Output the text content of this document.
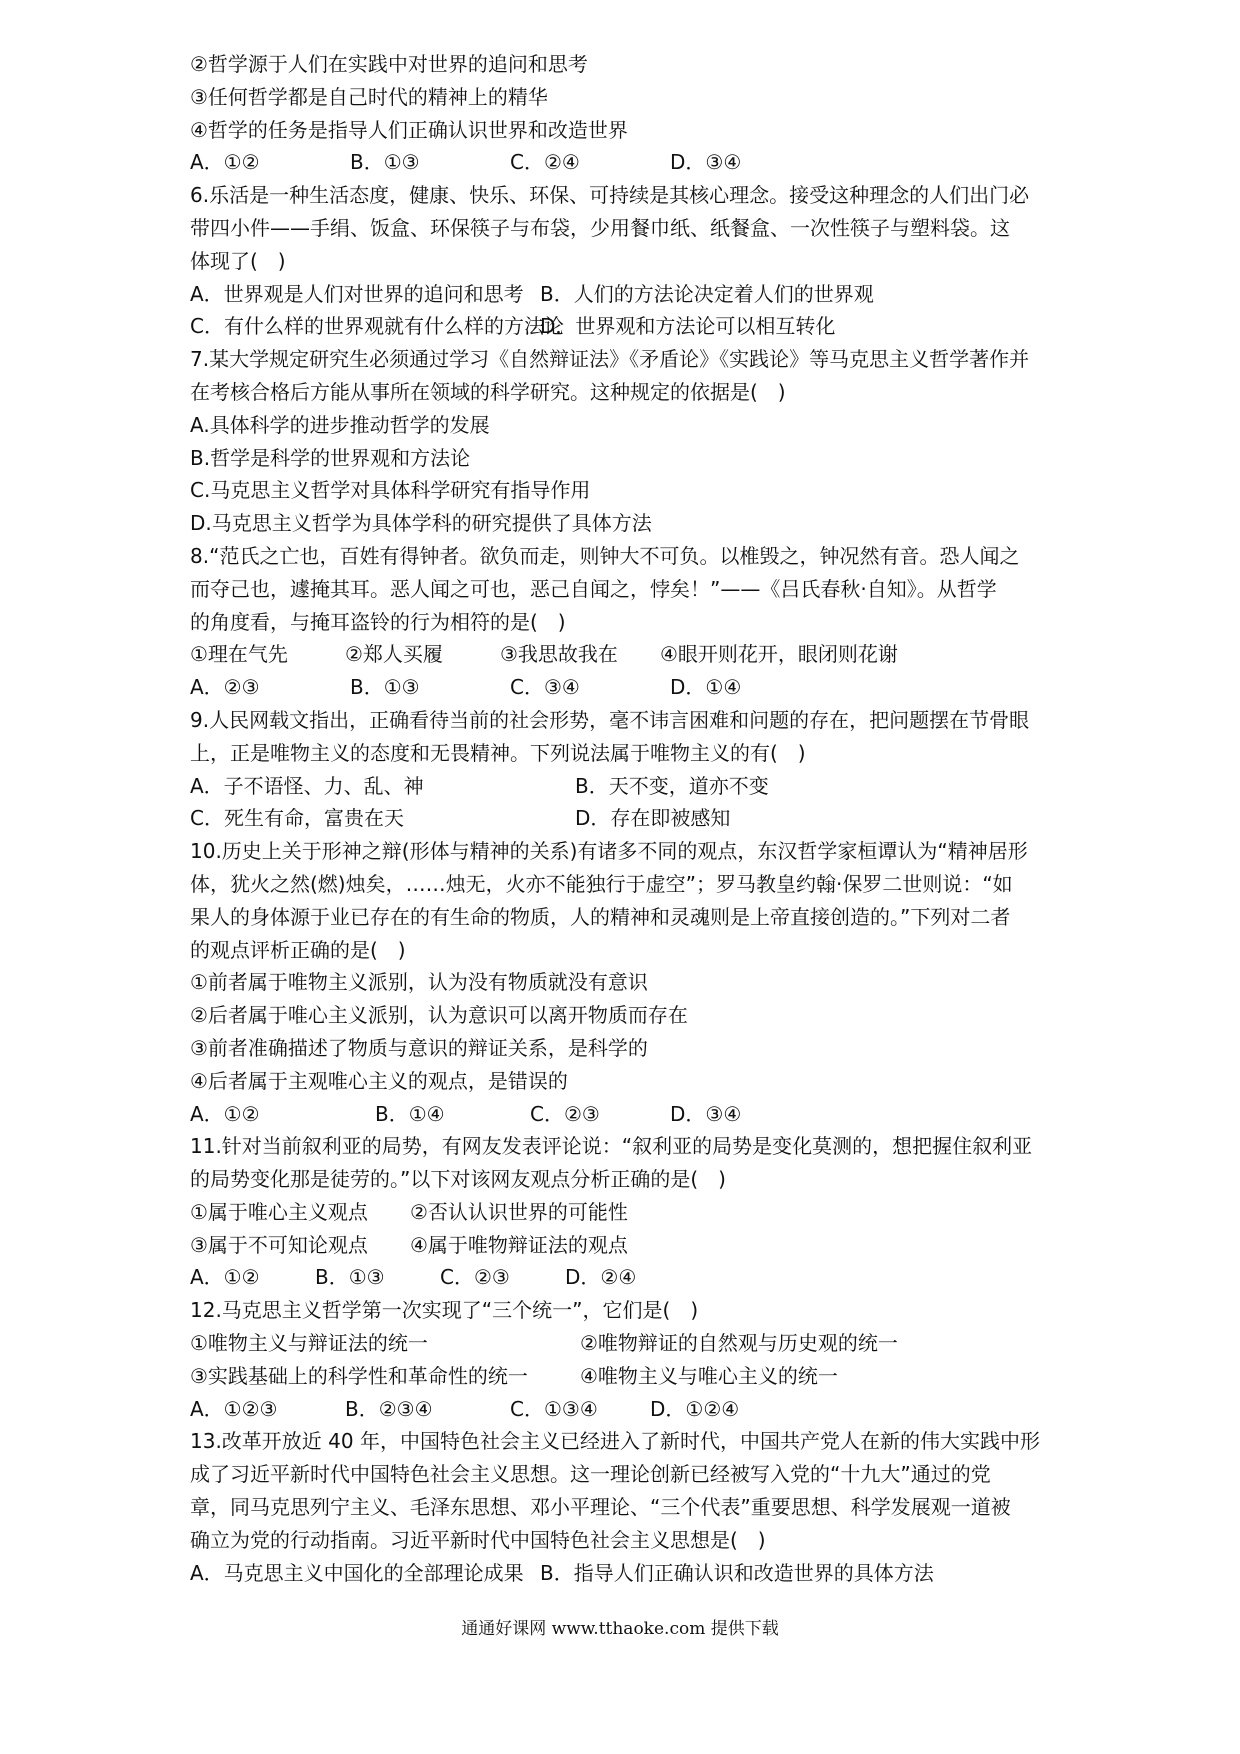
②哲学源于人们在实践中对世界的追问和思考
③任何哲学都是自己时代的精神上的精华
④哲学的任务是指导人们正确认识世界和改造世界
A．①②	B．①③	C．②④	D．③④
6.乐活是一种生活态度，健康、快乐、环保、可持续是其核心理念。接受这种理念的人们出门必
带四小件——手绢、饭盒、环保筷子与布袋，少用餐巾纸、纸餐盒、一次性筷子与塑料袋。这
体现了(　)
A．世界观是人们对世界的追问和思考 B．人们的方法论决定着人们的世界观
C．有什么样的世界观就有什么样的方法论
D．世界观和方法论可以相互转化
7.某大学规定研究生必须通过学习《自然辩证法》《矛盾论》《实践论》等马克思主义哲学著作并
在考核合格后方能从事所在领域的科学研究。这种规定的依据是(　)
A.具体科学的进步推动哲学的发展
B.哲学是科学的世界观和方法论
C.马克思主义哲学对具体科学研究有指导作用
D.马克思主义哲学为具体学科的研究提供了具体方法
8.“范氏之亡也，百姓有得钟者。欲负而走，则钟大不可负。以椎毁之，钟况然有音。恐人闻之
而夺己也，遽掩其耳。恶人闻之可也，恶己自闻之，悖矣！”——《吕氏春秋·自知》。从哲学
的角度看，与掩耳盗铃的行为相符的是(　)
①理在气先	②郑人买履	③我思故我在	④眼开则花开，眼闭则花谢
A．②③	B．①③	C．③④	D．①④
9.人民网载文指出，正确看待当前的社会形势，毫不讳言困难和问题的存在，把问题摆在节骨眼
上，正是唯物主义的态度和无畏精神。下列说法属于唯物主义的有(　)
A．子不语怪、力、乱、神	B．天不变，道亦不变
C．死生有命，富贵在天	D．存在即被感知
10.历史上关于形神之辩(形体与精神的关系)有诸多不同的观点，东汉哲学家桓谭认为“精神居形
体，犹火之然(燃)烛矣，……烛无，火亦不能独行于虚空”；罗马教皇约翰·保罗二世则说：“如
果人的身体源于业已存在的有生命的物质，人的精神和灵魂则是上帝直接创造的。”下列对二者
的观点评析正确的是(　)
①前者属于唯物主义派别，认为没有物质就没有意识
②后者属于唯心主义派别，认为意识可以离开物质而存在
③前者准确描述了物质与意识的辩证关系，是科学的
④后者属于主观唯心主义的观点，是错误的
A．①②	B．①④	C．②③	D．③④
11.针对当前叙利亚的局势，有网友发表评论说：“叙利亚的局势是变化莫测的，想把握住叙利亚
的局势变化那是徒劳的。”以下对该网友观点分析正确的是(　)
①属于唯心主义观点	②否认认识世界的可能性
③属于不可知论观点	④属于唯物辩证法的观点
A．①②	B．①③	C．②③	D．②④
12.马克思主义哲学第一次实现了“三个统一”，它们是(　)
①唯物主义与辩证法的统一	②唯物辩证的自然观与历史观的统一
③实践基础上的科学性和革命性的统一	④唯物主义与唯心主义的统一
A．①②③	B．②③④	C．①③④	D．①②④
13.改革开放近 40 年，中国特色社会主义已经进入了新时代，中国共产党人在新的伟大实践中形
成了习近平新时代中国特色社会主义思想。这一理论创新已经被写入党的“十九大”通过的党
章，同马克思列宁主义、毛泽东思想、邓小平理论、“三个代表”重要思想、科学发展观一道被
确立为党的行动指南。习近平新时代中国特色社会主义思想是(　)
A．马克思主义中国化的全部理论成果 B．指导人们正确认识和改造世界的具体方法
通通好课网 www.tthaoke.com 提供下载
